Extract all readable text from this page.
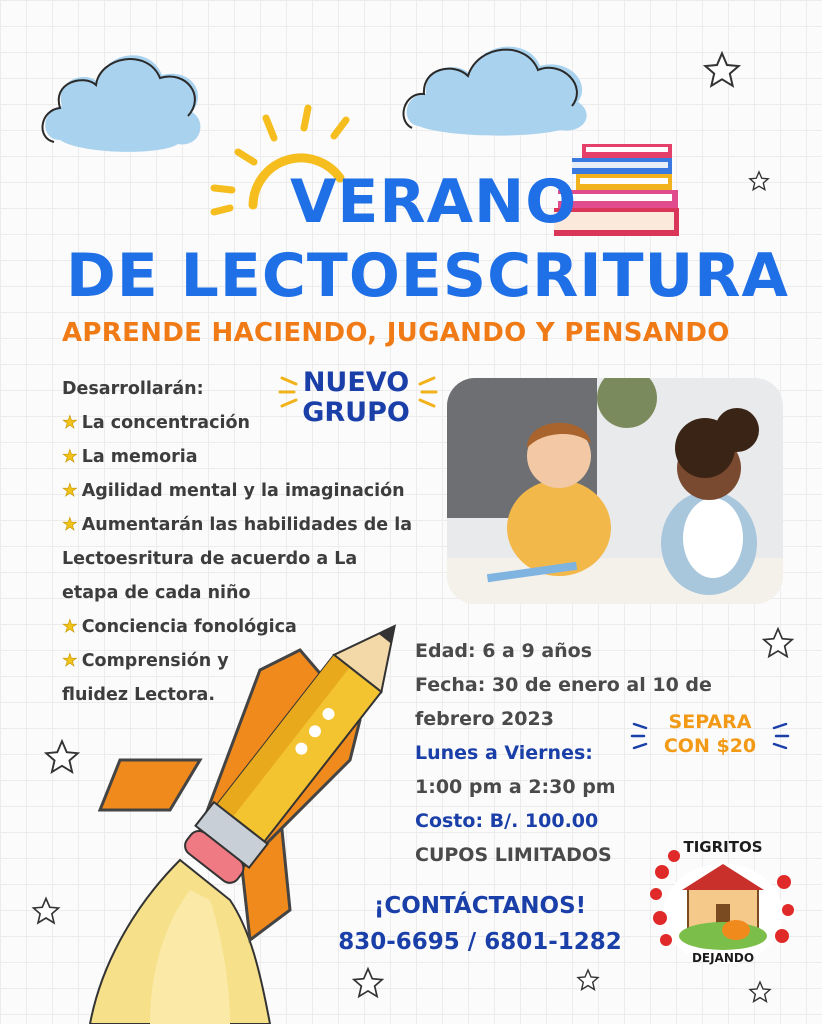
VERANO
DE LECTOESCRITURA
APRENDE HACIENDO, JUGANDO Y PENSANDO
NUEVO
GRUPO
Desarrollarán:
★ La concentración
★ La memoria
★ Agilidad mental y la imaginación
★ Aumentarán las habilidades de la
Lectoesritura de acuerdo a La
etapa de cada niño
★ Conciencia fonológica
★ Comprensión y
fluidez Lectora.
Edad: 6 a 9 años
Fecha: 30 de enero al 10 de
febrero 2023
Lunes a Viernes:
1:00 pm a 2:30 pm
Costo: B/. 100.00
CUPOS LIMITADOS
SEPARA
CON $20
¡CONTÁCTANOS!
830-6695 / 6801-1282
TIGRITOS
DEJANDO
